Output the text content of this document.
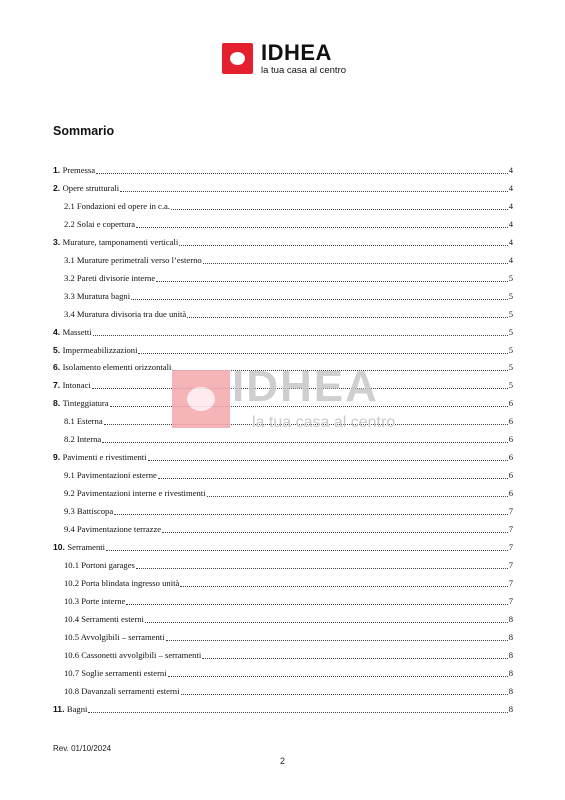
IDHEA
la tua casa al centro
Sommario
1. Premessa	4
2. Opere strutturali	4
2.1 Fondazioni ed opere in c.a.	4
2.2 Solai e copertura	4
3. Murature, tamponamenti verticali	4
3.1 Murature perimetrali verso l’esterno	4
3.2 Pareti divisorie interne	5
3.3 Muratura bagni	5
3.4 Muratura divisoria tra due unità	5
4. Massetti	5
5. Impermeabilizzazioni	5
6. Isolamento elementi orizzontali	5
7. Intonaci	5
8. Tinteggiatura	6
8.1 Esterna	6
8.2 Interna	6
9. Pavimenti e rivestimenti	6
9.1 Pavimentazioni esterne	6
9.2 Pavimentazioni interne e rivestimenti	6
9.3 Battiscopa	7
9.4 Pavimentazione terrazze	7
10. Serramenti	7
10.1 Portoni garages	7
10.2 Porta blindata ingresso unità	7
10.3 Porte interne	7
10.4 Serramenti esterni	8
10.5 Avvolgibili – serramenti	8
10.6 Cassonetti avvolgibili – serramenti	8
10.7 Soglie serramenti esterni	8
10.8 Davanzali serramenti esterni	8
11. Bagni	8
IDHEA
la tua casa al centro
Rev. 01/10/2024
2
